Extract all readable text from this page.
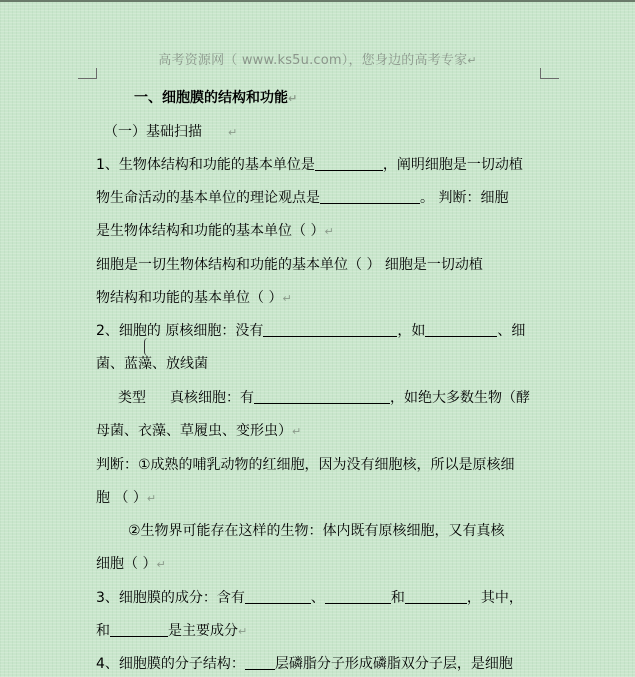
高考资源网（ www.ks5u.com），您身边的高考专家↵
一、细胞膜的结构和功能↵
（一）基础扫描 ↵
1、生物体结构和功能的基本单位是	，阐明细胞是一切动植
物生命活动的基本单位的理论观点是	。 判断：细胞
是生物体结构和功能的基本单位（ ）↵
细胞是一切生物体结构和功能的基本单位（ ） 细胞是一切动植
物结构和功能的基本单位（ ）↵
2、细胞的 原核细胞：没有	，如	、细
菌、蓝藻、放线菌
类型 真核细胞：有	，如绝大多数生物（酵
母菌、衣藻、草履虫、变形虫）↵
判断：①成熟的哺乳动物的红细胞，因为没有细胞核，所以是原核细
胞 （ ）↵
②生物界可能存在这样的生物：体内既有原核细胞，又有真核
细胞（ ）↵
3、细胞膜的成分：含有	、	和	，其中，
和	是主要成分↵
4、细胞膜的分子结构： 层磷脂分子形成磷脂双分子层，是细胞
